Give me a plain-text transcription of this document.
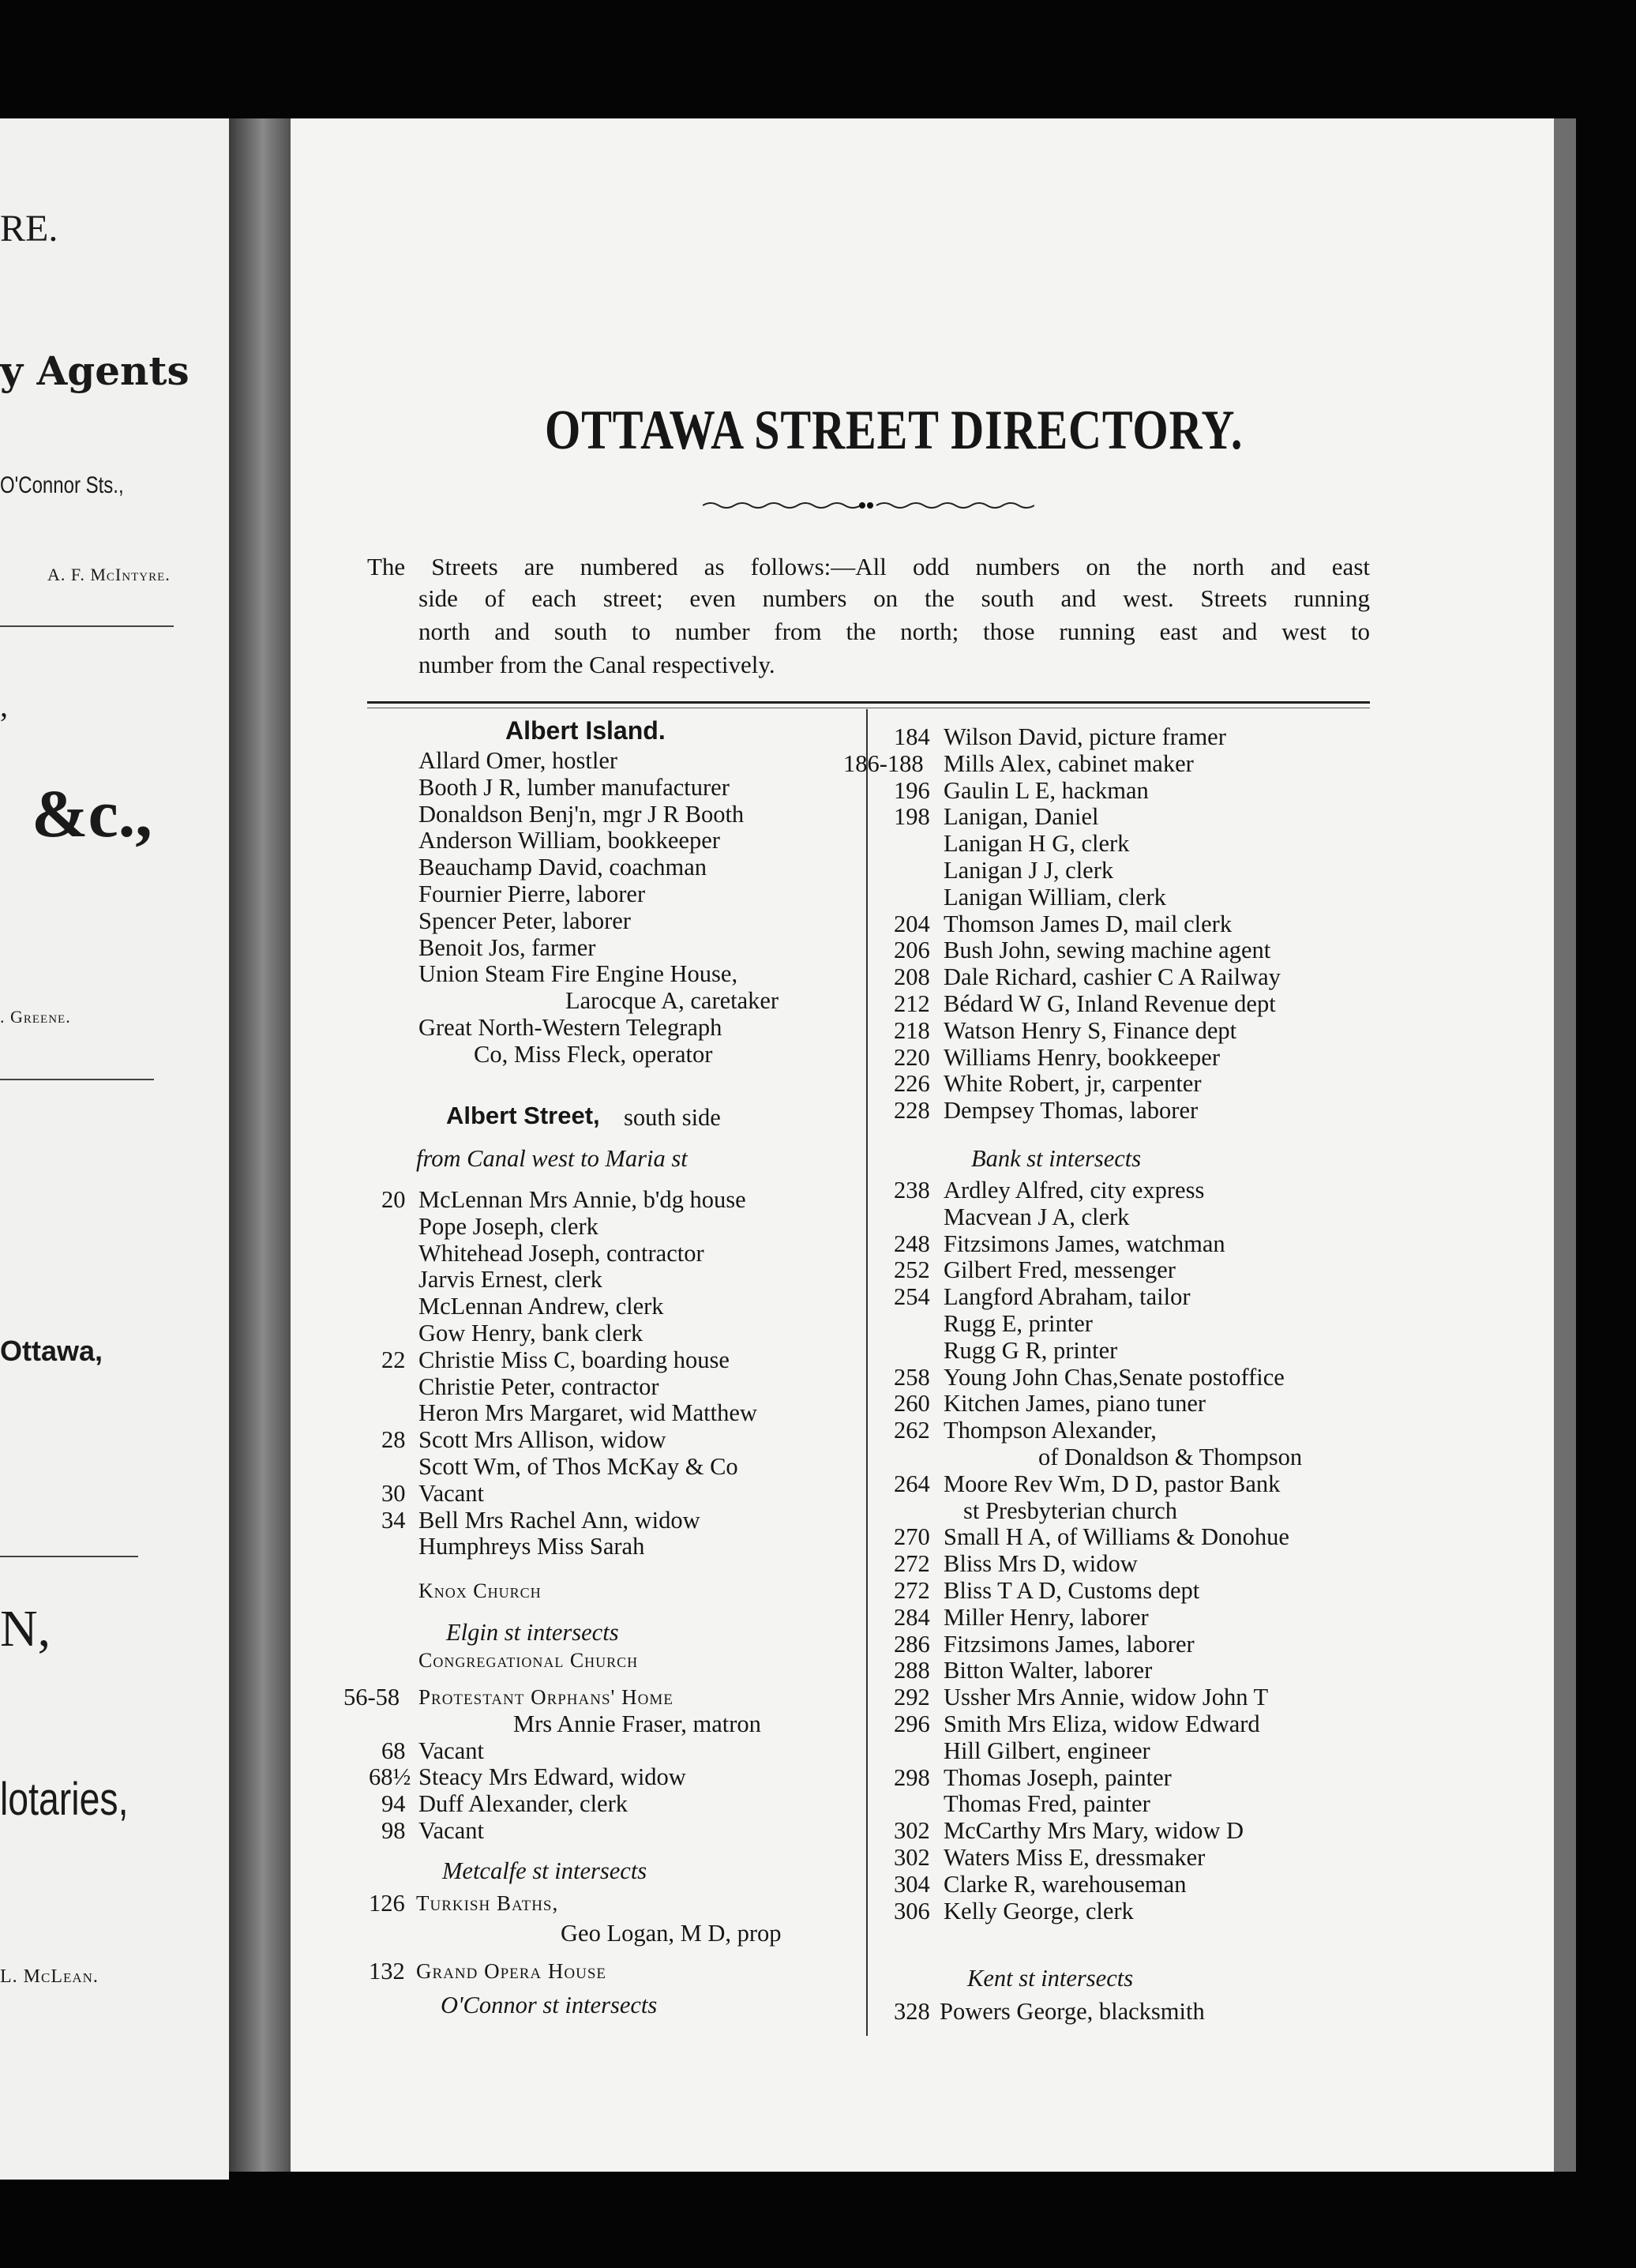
RE.
y Agents
O'Connor Sts.,
A. F. McIntyre.
,
&c.,
. Greene.
Ottawa,
N,
lotaries,
L. McLean.
OTTAWA STREET DIRECTORY.
The Streets are numbered as follows:—All odd numbers on the north and east
side of each street; even numbers on the south and west. Streets running
north and south to number from the north; those running east and west to
number from the Canal respectively.
Albert Island.
Allard Omer, hostler
Booth J R, lumber manufacturer
Donaldson Benj'n, mgr J R Booth
Anderson William, bookkeeper
Beauchamp David, coachman
Fournier Pierre, laborer
Spencer Peter, laborer
Benoit Jos, farmer
Union Steam Fire Engine House,
Larocque A, caretaker
Great North-Western Telegraph
Co, Miss Fleck, operator
Albert Street, south side
from Canal west to Maria st
20 McLennan Mrs Annie, b'dg house
Pope Joseph, clerk
Whitehead Joseph, contractor
Jarvis Ernest, clerk
McLennan Andrew, clerk
Gow Henry, bank clerk
22 Christie Miss C, boarding house
Christie Peter, contractor
Heron Mrs Margaret, wid Matthew
28 Scott Mrs Allison, widow
Scott Wm, of Thos McKay & Co
30 Vacant
34 Bell Mrs Rachel Ann, widow
Humphreys Miss Sarah
Knox Church
Elgin st intersects
Congregational Church
56-58 Protestant Orphans' Home
Mrs Annie Fraser, matron
68 Vacant
68½ Steacy Mrs Edward, widow
94 Duff Alexander, clerk
98 Vacant
Metcalfe st intersects
126 Turkish Baths,
Geo Logan, M D, prop
132 Grand Opera House
O'Connor st intersects
184 Wilson David, picture framer
186-188 Mills Alex, cabinet maker
196 Gaulin L E, hackman
198 Lanigan, Daniel
Lanigan H G, clerk
Lanigan J J, clerk
Lanigan William, clerk
204 Thomson James D, mail clerk
206 Bush John, sewing machine agent
208 Dale Richard, cashier C A Railway
212 Bédard W G, Inland Revenue dept
218 Watson Henry S, Finance dept
220 Williams Henry, bookkeeper
226 White Robert, jr, carpenter
228 Dempsey Thomas, laborer
Bank st intersects
238 Ardley Alfred, city express
Macvean J A, clerk
248 Fitzsimons James, watchman
252 Gilbert Fred, messenger
254 Langford Abraham, tailor
Rugg E, printer
Rugg G R, printer
258 Young John Chas,Senate postoffice
260 Kitchen James, piano tuner
262 Thompson Alexander,
of Donaldson & Thompson
264 Moore Rev Wm, D D, pastor Bank
st Presbyterian church
270 Small H A, of Williams & Donohue
272 Bliss Mrs D, widow
272 Bliss T A D, Customs dept
284 Miller Henry, laborer
286 Fitzsimons James, laborer
288 Bitton Walter, laborer
292 Ussher Mrs Annie, widow John T
296 Smith Mrs Eliza, widow Edward
Hill Gilbert, engineer
298 Thomas Joseph, painter
Thomas Fred, painter
302 McCarthy Mrs Mary, widow D
302 Waters Miss E, dressmaker
304 Clarke R, warehouseman
306 Kelly George, clerk
Kent st intersects
328 Powers George, blacksmith
